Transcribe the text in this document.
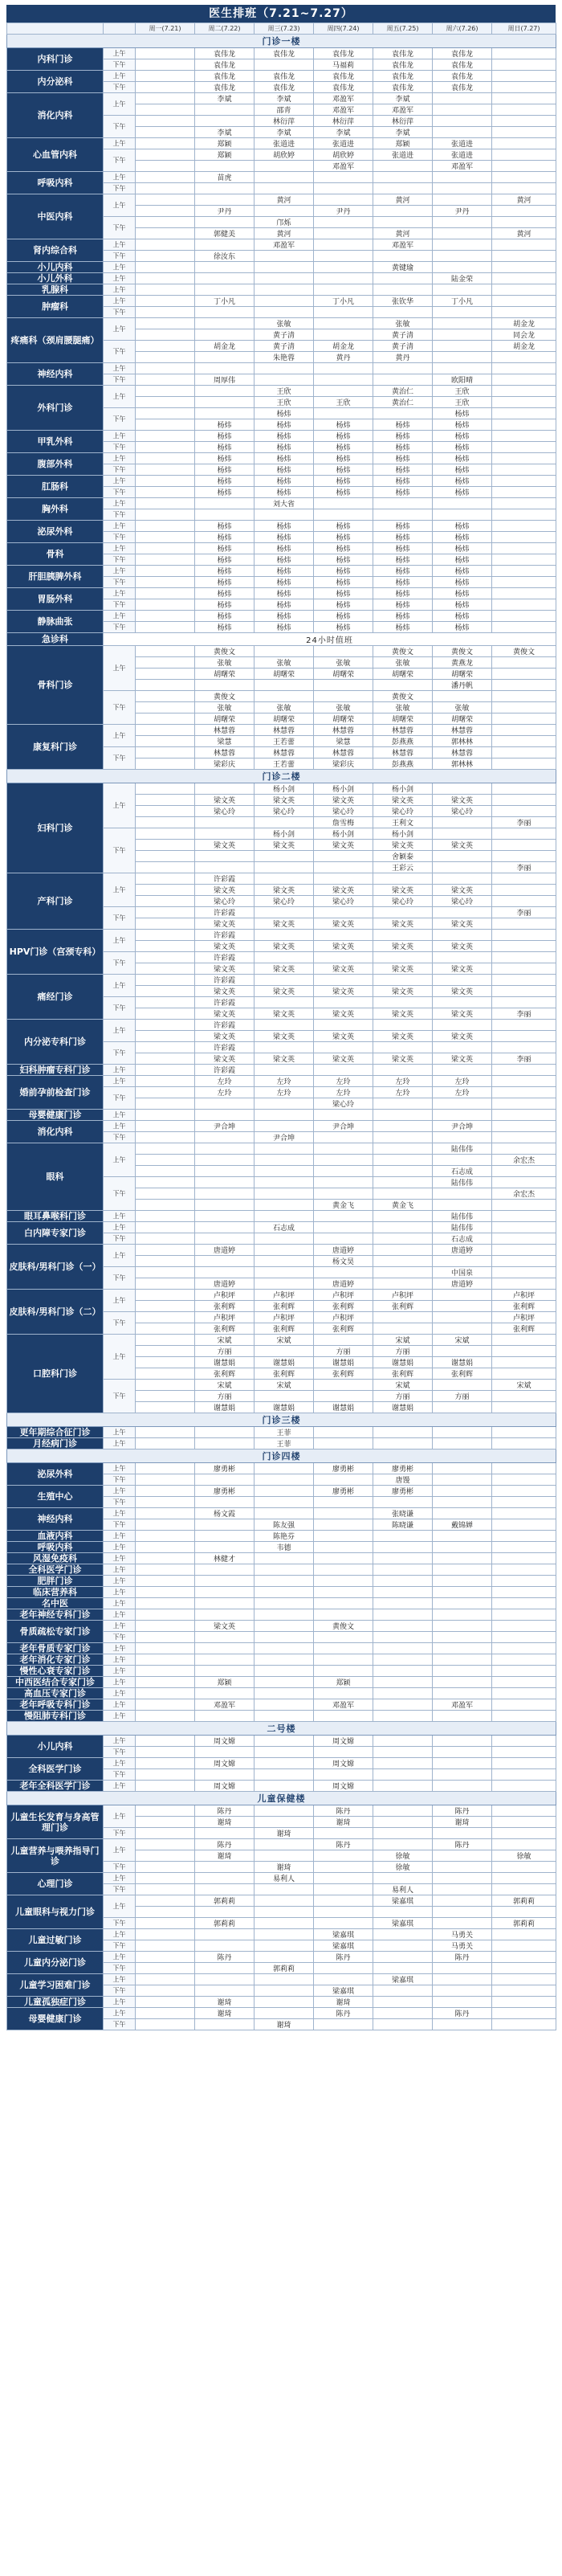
医生排班（7.21~7.27）
		周一(7.21)	周二(7.22)	周三(7.23)	周四(7.24)	周五(7.25)	周六(7.26)	周日(7.27)
门诊一楼								
内科门诊	上午		袁伟龙	袁伟龙	袁伟龙	袁伟龙	袁伟龙	
	下午		袁伟龙		马福莉	袁伟龙	袁伟龙	
内分泌科	上午		袁伟龙	袁伟龙	袁伟龙	袁伟龙	袁伟龙	
	下午		袁伟龙	袁伟龙	袁伟龙	袁伟龙	袁伟龙	
消化内科	上午		李斌	李斌	邓盈军	李斌		
				邵青	邓盈军	邓盈军		
	下午			林衍萍	林衍萍	林衍萍		
			李斌	李斌	李斌	李斌		
心血管内科	上午		郑颖	张道进	张道进	郑颖	张道进	
	下午		郑颖	胡欣婷	胡欣婷	张道进	张道进	
					邓盈军		邓盈军	
呼吸内科	上午		苗虎					
	下午							
中医内科	上午			黄河		黄河		黄河
			尹丹		尹丹		尹丹	
	下午			邝烁				
			郭健美	黄河		黄河		黄河
肾内综合科	上午			邓盈军		邓盈军		
	下午		徐汝东					
小儿内科	上午					黄键瑜		
小儿外科	上午						陆金荣	
乳腺科	上午							
肿瘤科	上午		丁小凡		丁小凡	张钦华	丁小凡	
	下午							
疼痛科（颈肩腰腿痛）	上午			张敏		张敏		胡金龙
				黄子清		黄子清		同会龙
	下午		胡金龙	黄子清	胡金龙	黄子清		胡金龙
				朱艳蓉	黄丹	黄丹		
神经内科	上午							
	下午		周厚伟				欧阳晴	
外科门诊	上午			王欣		黄治仁	王欣	
				王欣	王欣	黄治仁	王欣	
	下午			杨炜			杨炜	
			杨炜	杨炜	杨炜	杨炜	杨炜	
甲乳外科	上午		杨炜	杨炜	杨炜	杨炜	杨炜	
	下午		杨炜	杨炜	杨炜	杨炜	杨炜	
腹部外科	上午		杨炜	杨炜	杨炜	杨炜	杨炜	
	下午		杨炜	杨炜	杨炜	杨炜	杨炜	
肛肠科	上午		杨炜	杨炜	杨炜	杨炜	杨炜	
	下午		杨炜	杨炜	杨炜	杨炜	杨炜	
胸外科	上午			刘大省				
	下午							
泌尿外科	上午		杨炜	杨炜	杨炜	杨炜	杨炜	
	下午		杨炜	杨炜	杨炜	杨炜	杨炜	
骨科	上午		杨炜	杨炜	杨炜	杨炜	杨炜	
	下午		杨炜	杨炜	杨炜	杨炜	杨炜	
肝胆胰脾外科	上午		杨炜	杨炜	杨炜	杨炜	杨炜	
	下午		杨炜	杨炜	杨炜	杨炜	杨炜	
胃肠外科	上午		杨炜	杨炜	杨炜	杨炜	杨炜	
	下午		杨炜	杨炜	杨炜	杨炜	杨炜	
静脉曲张	上午		杨炜	杨炜	杨炜	杨炜	杨炜	
	下午		杨炜	杨炜	杨炜	杨炜	杨炜	
急诊科	24小时值班							
骨科门诊	上午		黄俊文			黄俊文	黄俊文	黄俊文
			张敏	张敏	张敏	张敏	黄燕龙	
			胡曙荣	胡曙荣	胡曙荣	胡曙荣	胡曙荣	
							潘丹帆	
	下午		黄俊文			黄俊文		
			张敏	张敏	张敏	张敏	张敏	
			胡曙荣	胡曙荣	胡曙荣	胡曙荣	胡曙荣	
康复科门诊	上午		林慧蓉	林慧蓉	林慧蓉	林慧蓉	林慧蓉	
			梁慧	王若蕾	梁慧	彭燕燕	郭林林	
	下午		林慧蓉	林慧蓉	林慧蓉	林慧蓉	林慧蓉	
			梁彩庆	王若蕾	梁彩庆	彭燕燕	郭林林	
门诊二楼								
妇科门诊	上午			杨小剑	杨小剑	杨小剑		
			梁文英	梁文英	梁文英	梁文英	梁文英	
			梁心玲	梁心玲	梁心玲	梁心玲	梁心玲	
					詹雪梅	王利文		李丽
	下午			杨小剑	杨小剑	杨小剑		
			梁文英	梁文英	梁文英	梁文英	梁文英	
						舍颖泰		
						王彩云		李丽
产科门诊	上午		许彩霞					
			梁文英	梁文英	梁文英	梁文英	梁文英	
			梁心玲	梁心玲	梁心玲	梁心玲	梁心玲	
	下午		许彩霞					李丽
			梁文英	梁文英	梁文英	梁文英	梁文英	
HPV门诊（宫颈专科）	上午		许彩霞					
			梁文英	梁文英	梁文英	梁文英	梁文英	
	下午		许彩霞					
			梁文英	梁文英	梁文英	梁文英	梁文英	
痛经门诊	上午		许彩霞					
			梁文英	梁文英	梁文英	梁文英	梁文英	
	下午		许彩霞					
			梁文英	梁文英	梁文英	梁文英	梁文英	李丽
内分泌专科门诊	上午		许彩霞					
			梁文英	梁文英	梁文英	梁文英	梁文英	
	下午		许彩霞					
			梁文英	梁文英	梁文英	梁文英	梁文英	李丽
妇科肿瘤专科门诊	上午		许彩霞					
婚前孕前检查门诊	上午		左玲	左玲	左玲	左玲	左玲	
	下午		左玲	左玲	左玲	左玲	左玲	
					梁心玲			
母婴健康门诊	上午							
消化内科	上午		尹合坤		尹合坤		尹合坤	
	下午			尹合坤				
眼科	上午						陆伟伟	
								余宏杰
							石志成	
	下午						陆伟伟	
								余宏杰
					黄金飞	黄金飞		
眼耳鼻喉科门诊	上午						陆伟伟	
白内障专家门诊	上午			石志成			陆伟伟	
	下午						石志成	
皮肤科/男科门诊（一）	上午		唐道婷		唐道婷		唐道婷	
					杨文昊			
	下午						中国泉	
			唐道婷		唐道婷		唐道婷	
皮肤科/男科门诊（二）	上午		卢积坪	卢积坪	卢积坪	卢积坪		卢积坪
			张利辉	张利辉	张利辉	张利辉		张利辉
	下午		卢积坪	卢积坪	卢积坪			卢积坪
			张利辉	张利辉	张利辉			张利辉
口腔科门诊	上午		宋斌	宋斌		宋斌	宋斌	
			方丽		方丽	方丽		
			谢慧娟	谢慧娟	谢慧娟	谢慧娟	谢慧娟	
			张利辉	张利辉	张利辉	张利辉	张利辉	
	下午		宋斌	宋斌		宋斌		宋斌
			方丽			方丽	方丽	
			谢慧娟	谢慧娟	谢慧娟	谢慧娟		
门诊三楼								
更年期综合征门诊	上午			王菲				
月经病门诊	上午			王菲				
门诊四楼								
泌尿外科	上午		廖勇彬		廖勇彬	廖勇彬		
	下午					唐馒		
生殖中心	上午		廖勇彬		廖勇彬	廖勇彬		
	下午							
神经内科	上午		杨文霞			张晓谦		
	下午			陈友强		陈晓谦	戴锦婵	
血液内科	上午			陈艳芬				
呼吸内科	上午			韦德				
风湿免疫科	上午		林健才					
全科医学门诊	上午							
肥胖门诊	上午							
临床营养科	上午							
名中医	上午							
老年神经专科门诊	上午							
骨质疏松专家门诊	上午		梁文英		黄俊文			
	下午							
老年骨质专家门诊	上午							
老年消化专家门诊	上午							
慢性心衰专家门诊	上午							
中西医结合专家门诊	上午		郑颖		郑颖			
高血压专家门诊	上午							
老年呼吸专科门诊	上午		邓盈军		邓盈军		邓盈军	
慢阻肺专科门诊	上午							
二号楼								
小儿内科	上午		周文嫦		周文嫦			
	下午							
全科医学门诊	上午		周文嫦		周文嫦			
	下午							
老年全科医学门诊	上午		周文嫦		周文嫦			
儿童保健楼								
儿童生长发育与身高管理门诊	上午		陈丹		陈丹		陈丹	
			谢琦		谢琦		谢琦	
	下午			谢琦				
儿童营养与喂养指导门诊	上午		陈丹		陈丹		陈丹	
			谢琦			徐敏		徐敏
	下午			谢琦		徐敏		
心理门诊	上午			易利人				
	下午					易利人		
儿童眼科与视力门诊	上午		郭莉莉			梁嘉琪		郭莉莉

	下午		郭莉莉			梁嘉琪		郭莉莉
儿童过敏门诊	上午				梁嘉琪		马勇关	
	下午				梁嘉琪		马勇关	
儿童内分泌门诊	上午		陈丹		陈丹		陈丹	
	下午			郭莉莉				
儿童学习困难门诊	上午					梁嘉琪		
	下午				梁嘉琪			
儿童孤独症门诊	上午		谢琦		谢琦			
母婴健康门诊	上午		谢琦		陈丹		陈丹	
	下午			谢琦				
